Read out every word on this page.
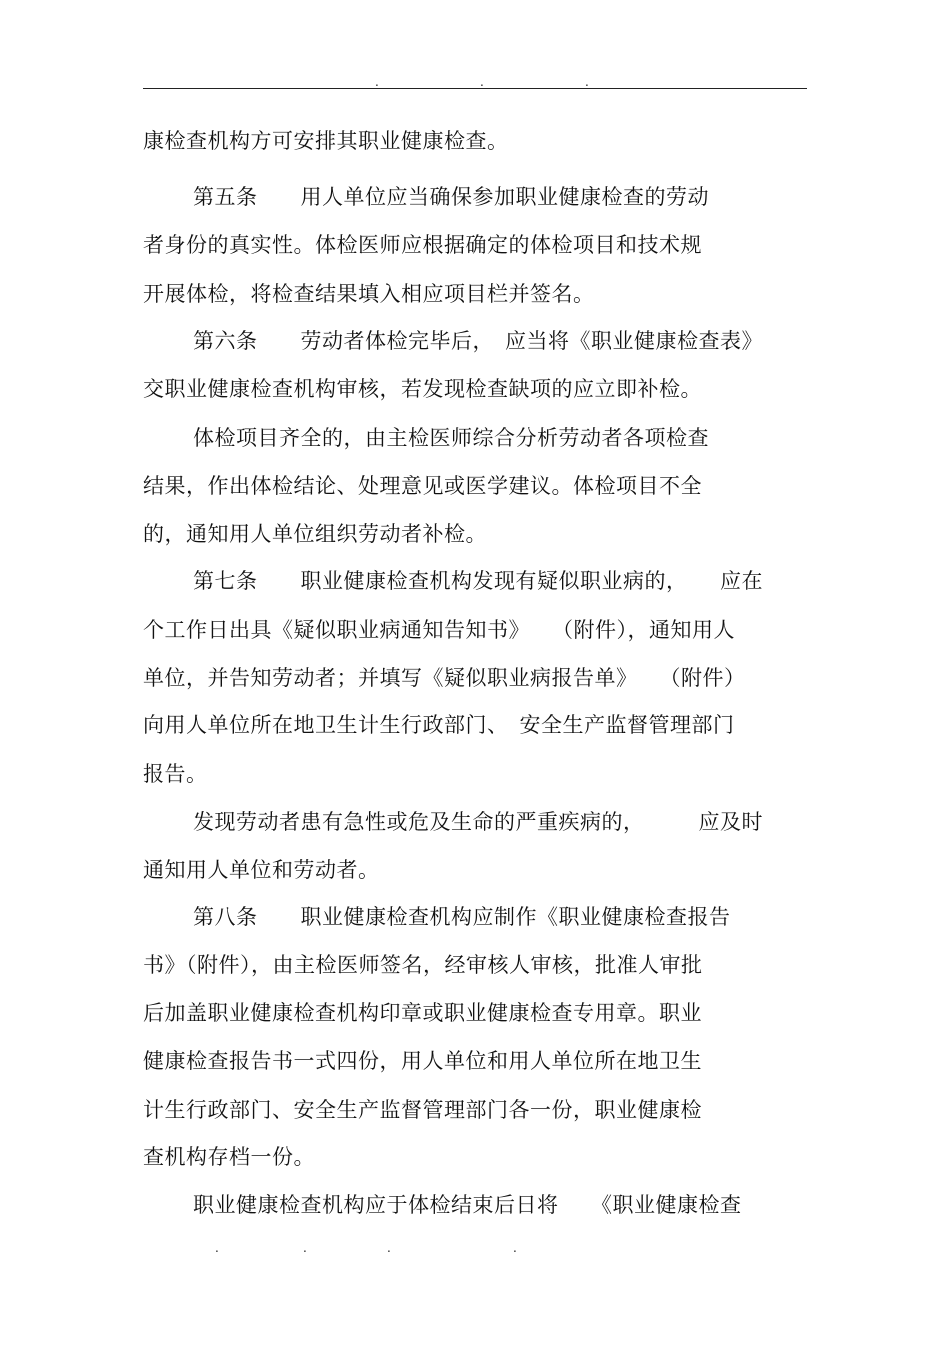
.	.	.
康检查机构方可安排其职业健康检查。
第五条　　用人单位应当确保参加职业健康检查的劳动
者身份的真实性。体检医师应根据确定的体检项目和技术规
开展体检，将检查结果填入相应项目栏并签名。
第六条　　劳动者体检完毕后，　应当将《职业健康检查表》
交职业健康检查机构审核，若发现检查缺项的应立即补检。
体检项目齐全的，由主检医师综合分析劳动者各项检查
结果，作出体检结论、处理意见或医学建议。体检项目不全
的，通知用人单位组织劳动者补检。
第七条　　职业健康检查机构发现有疑似职业病的，　　应在
个工作日出具《疑似职业病通知告知书》　　（附件），通知用人
单位，并告知劳动者；并填写《疑似职业病报告单》　　（附件）
向用人单位所在地卫生计生行政部门、　安全生产监督管理部门
报告。
发现劳动者患有急性或危及生命的严重疾病的，　　　应及时
通知用人单位和劳动者。
第八条　　职业健康检查机构应制作《职业健康检查报告
书》（附件），由主检医师签名，经审核人审核，批准人审批
后加盖职业健康检查机构印章或职业健康检查专用章。职业
健康检查报告书一式四份，用人单位和用人单位所在地卫生
计生行政部门、安全生产监督管理部门各一份，职业健康检
查机构存档一份。
职业健康检查机构应于体检结束后日将　　《职业健康检查
.	.	.	.
